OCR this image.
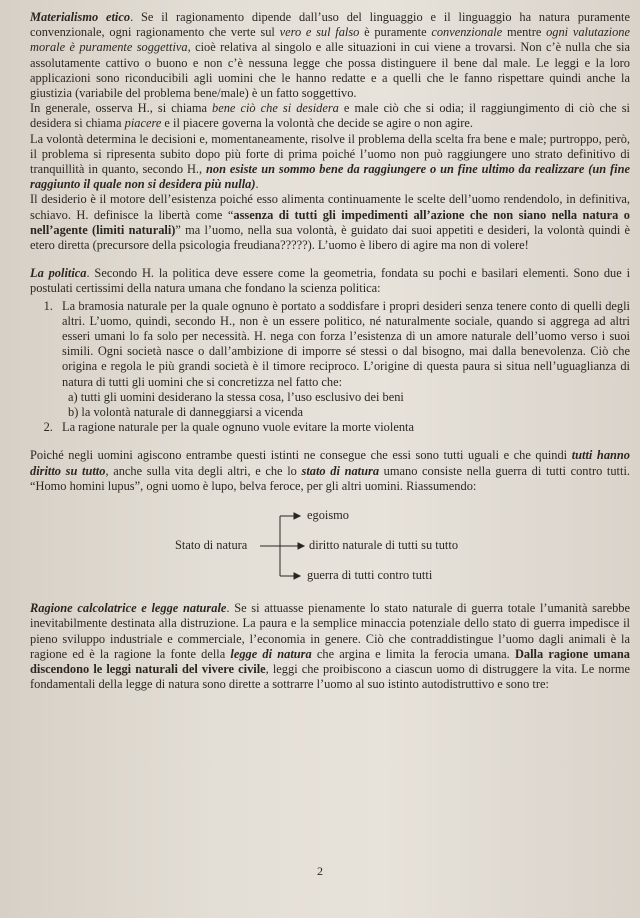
Materialismo etico. Se il ragionamento dipende dall’uso del linguaggio e il linguaggio ha natura puramente convenzionale, ogni ragionamento che verte sul vero e sul falso è puramente convenzionale mentre ogni valutazione morale è puramente soggettiva, cioè relativa al singolo e alle situazioni in cui viene a trovarsi. Non c’è nulla che sia assolutamente cattivo o buono e non c’è nessuna legge che possa distinguere il bene dal male. Le leggi e la loro applicazioni sono riconducibili agli uomini che le hanno redatte e a quelli che le fanno rispettare quindi anche la giustizia (variabile del problema bene/male) è un fatto soggettivo.

In generale, osserva H., si chiama bene ciò che si desidera e male ciò che si odia; il raggiungimento di ciò che si desidera si chiama piacere e il piacere governa la volontà che decide se agire o non agire.

La volontà determina le decisioni e, momentaneamente, risolve il problema della scelta fra bene e male; purtroppo, però, il problema si ripresenta subito dopo più forte di prima poiché l’uomo non può raggiungere uno strato definitivo di tranquillità in quanto, secondo H., non esiste un sommo bene da raggiungere o un fine ultimo da realizzare (un fine raggiunto il quale non si desidera più nulla).

Il desiderio è il motore dell’esistenza poiché esso alimenta continuamente le scelte dell’uomo rendendolo, in definitiva, schiavo. H. definisce la libertà come “assenza di tutti gli impedimenti all’azione che non siano nella natura o nell’agente (limiti naturali)” ma l’uomo, nella sua volontà, è guidato dai suoi appetiti e desideri, la volontà quindi è etero diretta (precursore della psicologia freudiana?????). L’uomo è libero di agire ma non di volere!

La politica. Secondo H. la politica deve essere come la geometria, fondata su pochi e basilari elementi. Sono due i postulati certissimi della natura umana che fondano la scienza politica:

1. La bramosia naturale per la quale ognuno è portato a soddisfare i propri desideri senza tenere conto di quelli degli altri. L’uomo, quindi, secondo H., non è un essere politico, né naturalmente sociale, quando si aggrega ad altri esseri umani lo fa solo per necessità. H. nega con forza l’esistenza di un amore naturale dell’uomo verso i suoi simili. Ogni società nasce o dall’ambizione di imporre sé stessi o dal bisogno, mai dalla benevolenza. Ciò che origina e regola le più grandi società è il timore reciproco. L’origine di questa paura si situa nell’uguaglianza di natura di tutti gli uomini che si concretizza nel fatto che:
a) tutti gli uomini desiderano la stessa cosa, l’uso esclusivo dei beni
b) la volontà naturale di danneggiarsi a vicenda
2. La ragione naturale per la quale ognuno vuole evitare la morte violenta

Poiché negli uomini agiscono entrambe questi istinti ne consegue che essi sono tutti uguali e che quindi tutti hanno diritto su tutto, anche sulla vita degli altri, e che lo stato di natura umano consiste nella guerra di tutti contro tutti. “Homo homini lupus”, ogni uomo è lupo, belva feroce, per gli altri uomini. Riassumendo:

Stato di natura
egoismo
diritto naturale di tutti su tutto
guerra di tutti contro tutti

Ragione calcolatrice e legge naturale. Se si attuasse pienamente lo stato naturale di guerra totale l’umanità sarebbe inevitabilmente destinata alla distruzione. La paura e la semplice minaccia potenziale dello stato di guerra impedisce il pieno sviluppo industriale e commerciale, l’economia in genere. Ciò che contraddistingue l’uomo dagli animali è la ragione ed è la ragione la fonte della legge di natura che argina e limita la ferocia umana. Dalla ragione umana discendono le leggi naturali del vivere civile, leggi che proibiscono a ciascun uomo di distruggere la vita. Le norme fondamentali della legge di natura sono dirette a sottrarre l’uomo al suo istinto autodistruttivo e sono tre:

2
